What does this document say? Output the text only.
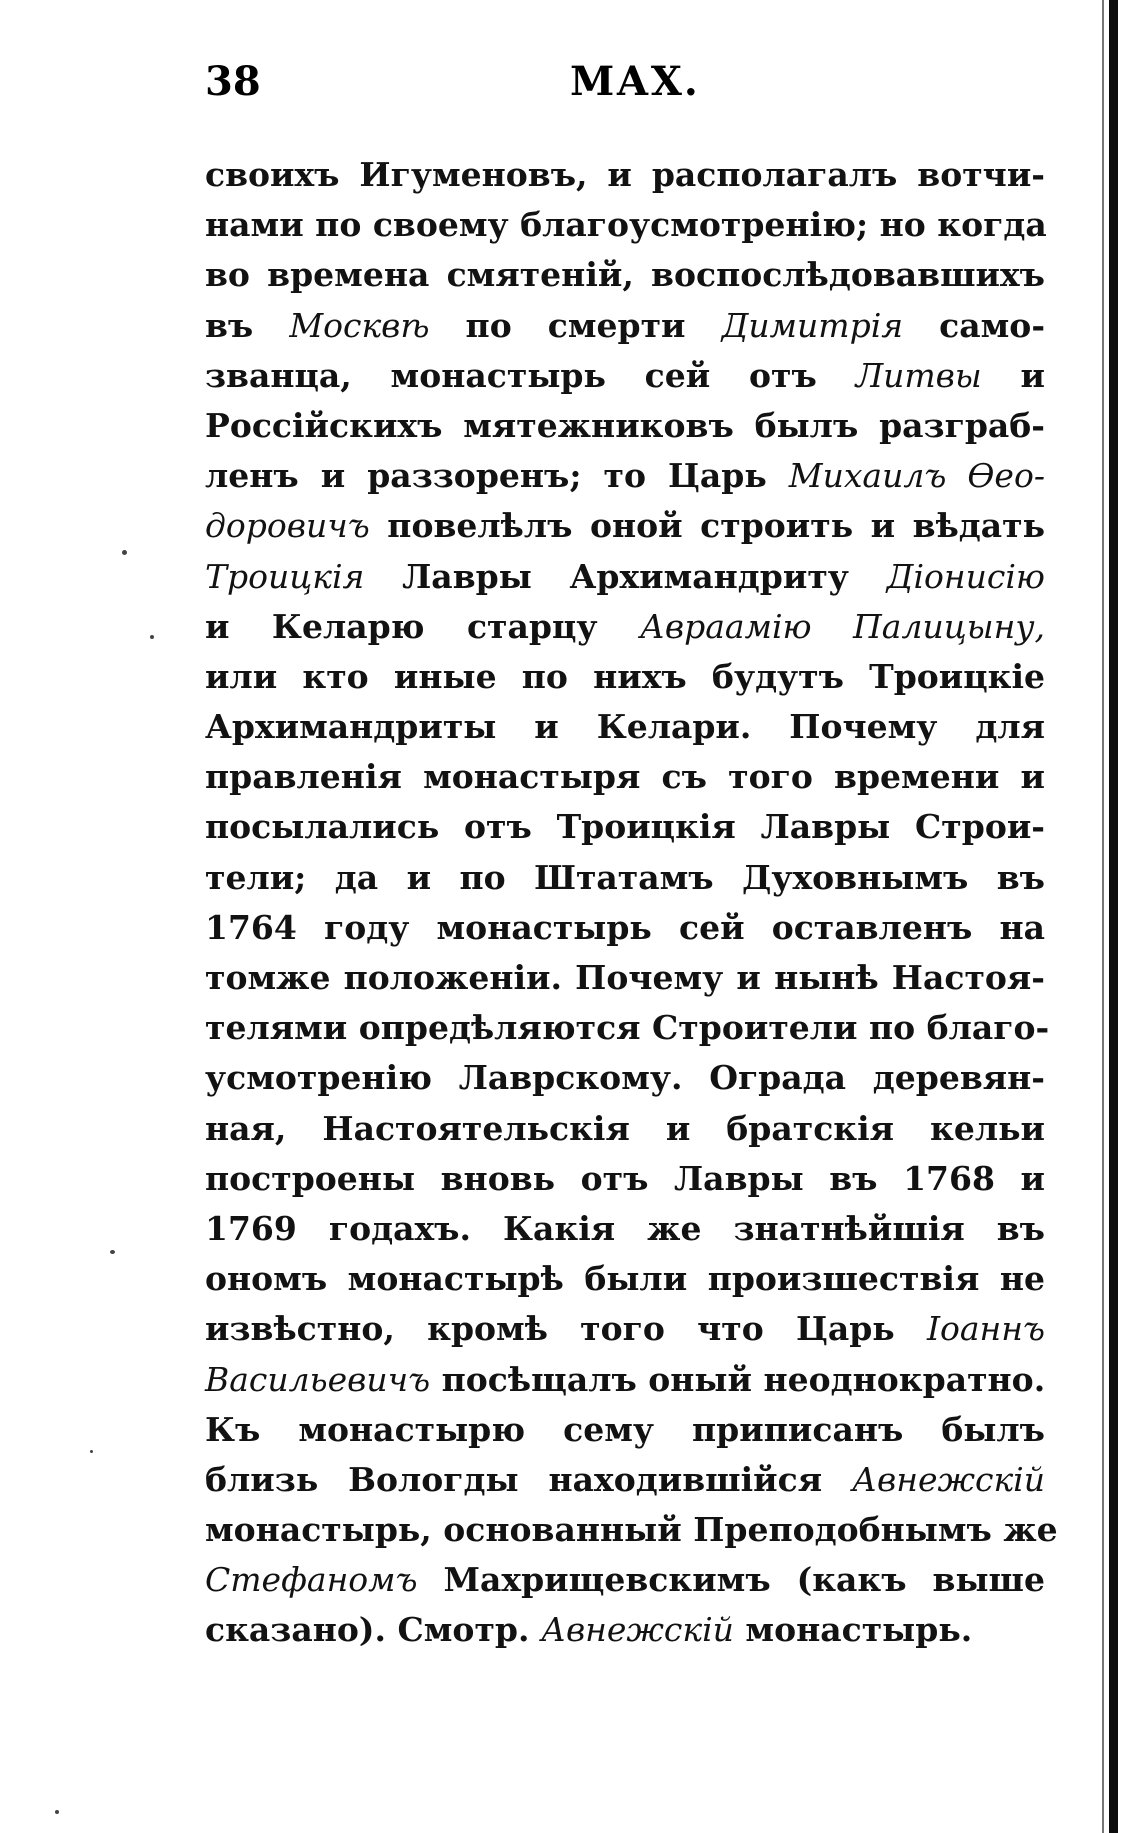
38	МАХ.
своихъ Игуменовъ, и располагалъ вотчи-
нами по своему благоусмотренію; но когда
во времена смятеній, воспослѣдовавшихъ
въ Москвѣ по смерти Димитрія само-
званца, монастырь сей отъ Литвы и
Россійскихъ мятежниковъ былъ разграб-
ленъ и раззоренъ; то Царь Михаилъ Ѳео-
доровичъ повелѣлъ оной строить и вѣдать
Троицкія Лавры Архимандриту Діонисію
и Келарю старцу Авраамію Палицыну,
или кто иные по нихъ будутъ Троицкіе
Архимандриты и Келари. Почему для
правленія монастыря съ того времени и
посылались отъ Троицкія Лавры Строи-
тели; да и по Штатамъ Духовнымъ въ
1764 году монастырь сей оставленъ на
томже положеніи. Почему и нынѣ Настоя-
телями опредѣляются Строители по благо-
усмотренію Лаврскому. Ограда деревян-
ная, Настоятельскія и братскія кельи
построены вновь отъ Лавры въ 1768 и
1769 годахъ. Какія же знатнѣйшія въ
ономъ монастырѣ были произшествія не
извѣстно, кромѣ того что Царь Іоаннъ
Васильевичъ посѣщалъ оный неоднократно.
Къ монастырю сему приписанъ былъ
близь Вологды находившійся Авнежскій
монастырь, основанный Преподобнымъ же
Стефаномъ Махрищевскимъ (какъ выше
сказано). Смотр. Авнежскій монастырь.
